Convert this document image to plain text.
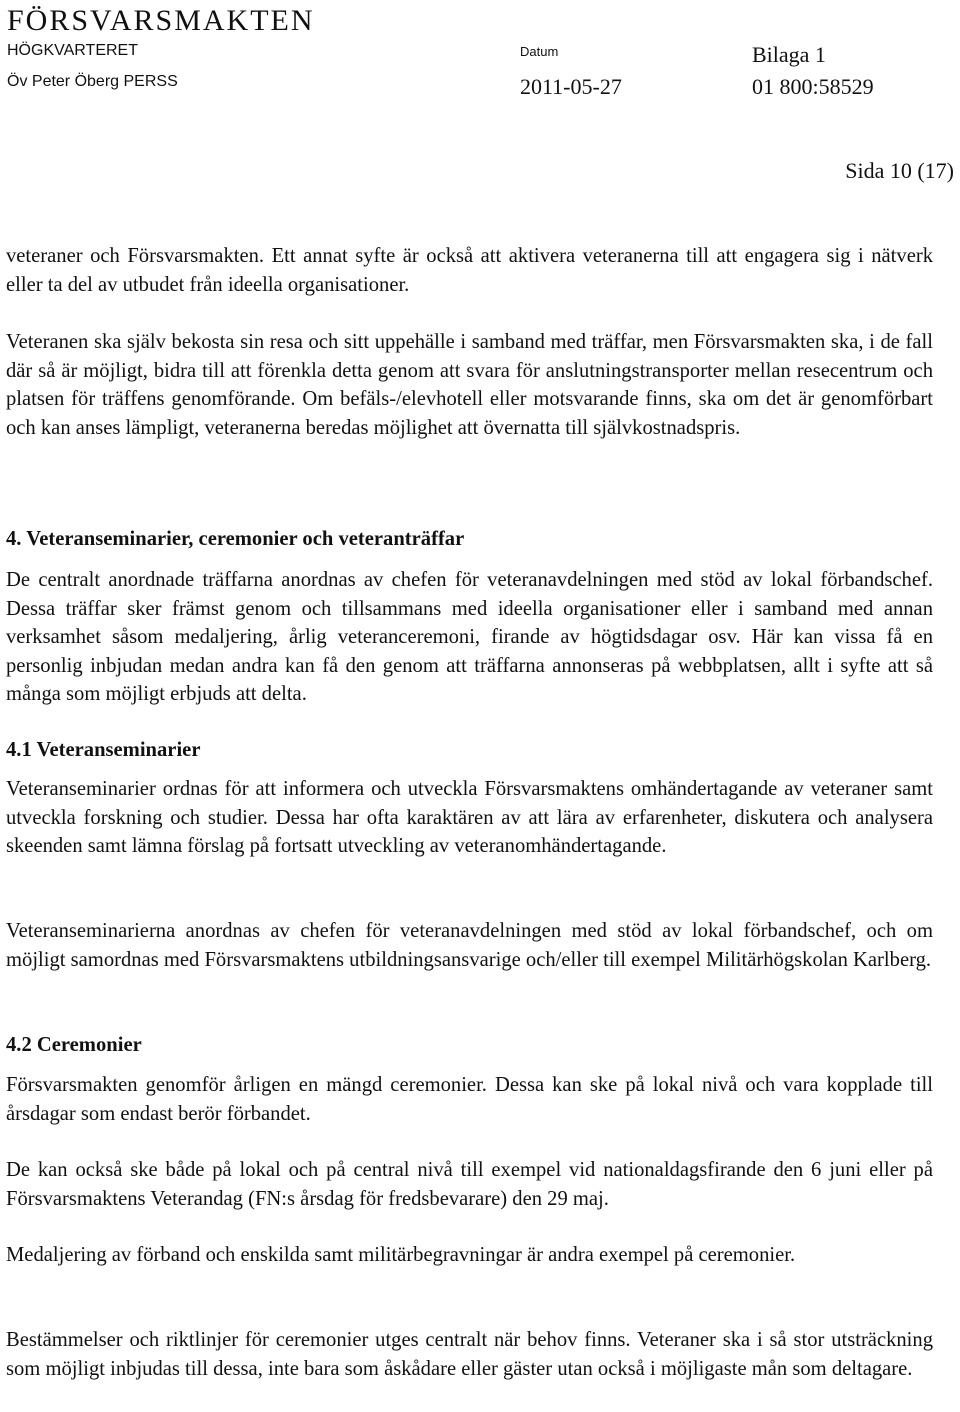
FÖRSVARSMAKTEN
HÖGKVARTERET
Öv Peter Öberg PERSS
Datum
2011-05-27
Bilaga 1
01 800:58529
Sida 10 (17)

veteraner och Försvarsmakten. Ett annat syfte är också att aktivera veteranerna till att engagera sig i nätverk eller ta del av utbudet från ideella organisationer.

Veteranen ska själv bekosta sin resa och sitt uppehälle i samband med träffar, men Försvarsmakten ska, i de fall där så är möjligt, bidra till att förenkla detta genom att svara för anslutningstransporter mellan resecentrum och platsen för träffens genomförande. Om befäls-/elevhotell eller motsvarande finns, ska om det är genomförbart och kan anses lämpligt, veteranerna beredas möjlighet att övernatta till självkostnadspris.

4. Veteranseminarier, ceremonier och veteranträffar

De centralt anordnade träffarna anordnas av chefen för veteranavdelningen med stöd av lokal förbandschef. Dessa träffar sker främst genom och tillsammans med ideella organisationer eller i samband med annan verksamhet såsom medaljering, årlig veteranceremoni, firande av högtidsdagar osv. Här kan vissa få en personlig inbjudan medan andra kan få den genom att träffarna annonseras på webbplatsen, allt i syfte att så många som möjligt erbjuds att delta.

4.1 Veteranseminarier

Veteranseminarier ordnas för att informera och utveckla Försvarsmaktens omhändertagande av veteraner samt utveckla forskning och studier. Dessa har ofta karaktären av att lära av erfarenheter, diskutera och analysera skeenden samt lämna förslag på fortsatt utveckling av veteranomhändertagande.

Veteranseminarierna anordnas av chefen för veteranavdelningen med stöd av lokal förbandschef, och om möjligt samordnas med Försvarsmaktens utbildningsansvarige och/eller till exempel Militärhögskolan Karlberg.

4.2 Ceremonier

Försvarsmakten genomför årligen en mängd ceremonier. Dessa kan ske på lokal nivå och vara kopplade till årsdagar som endast berör förbandet.

De kan också ske både på lokal och på central nivå till exempel vid nationaldagsfirande den 6 juni eller på Försvarsmaktens Veterandag (FN:s årsdag för fredsbevarare) den 29 maj.

Medaljering av förband och enskilda samt militärbegravningar är andra exempel på ceremonier.

Bestämmelser och riktlinjer för ceremonier utges centralt när behov finns. Veteraner ska i så stor utsträckning som möjligt inbjudas till dessa, inte bara som åskådare eller gäster utan också i möjligaste mån som deltagare.
